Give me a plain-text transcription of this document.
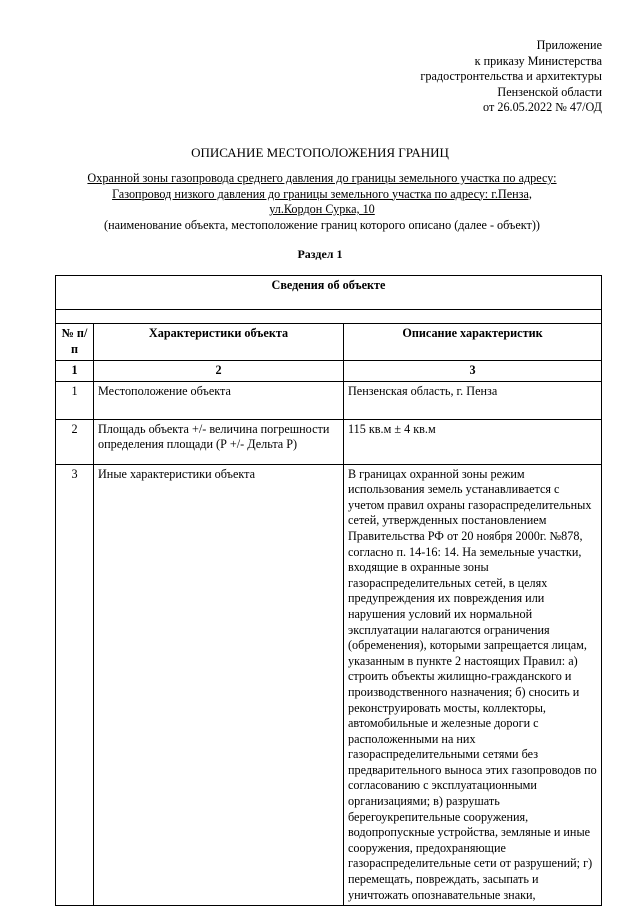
Приложение
к приказу Министерства
градостронтельства и архитектуры
Пензенской области
от 26.05.2022 № 47/ОД
ОПИСАНИЕ МЕСТОПОЛОЖЕНИЯ ГРАНИЦ
Охранной зоны газопровода среднего давления до границы земельного участка по адресу:
Газопровод низкого давления до границы земельного участка по адресу: г.Пенза,
ул.Кордон Сурка, 10
(наименование объекта, местоположение границ которого описано (далее - объект))
Раздел 1
Сведения об объекте		

№ п/п	Характеристики объекта	Описание характеристик
1	2	3
1	Местоположение объекта	Пензенская область, г. Пенза
2	Площадь объекта +/- величина погрешности определения площади (Р +/- Дельта Р)	115 кв.м ± 4 кв.м
3	Иные характеристики объекта	В границах охранной зоны режим использования земель устанавливается с учетом правил охраны газораспределительных сетей, утвержденных постановлением Правительства РФ от 20 ноября 2000г. №878, согласно п. 14-16: 14. На земельные участки, входящие в охранные зоны газораспределительных сетей, в целях предупреждения их повреждения или нарушения условий их нормальной эксплуатации налагаются ограничения (обременения), которыми запрещается лицам, указанным в пункте 2 настоящих Правил: а) строить объекты жилищно-гражданского и производственного назначения; б) сносить и реконструировать мосты, коллекторы, автомобильные и железные дороги с расположенными на них газораспределительными сетями без предварительного выноса этих газопроводов по согласованию с эксплуатационными организациями; в) разрушать берегоукрепительные сооружения, водопропускные устройства, земляные и иные сооружения, предохраняющие газораспределительные сети от разрушений; г) перемещать, повреждать, засыпать и уничтожать опознавательные знаки,
